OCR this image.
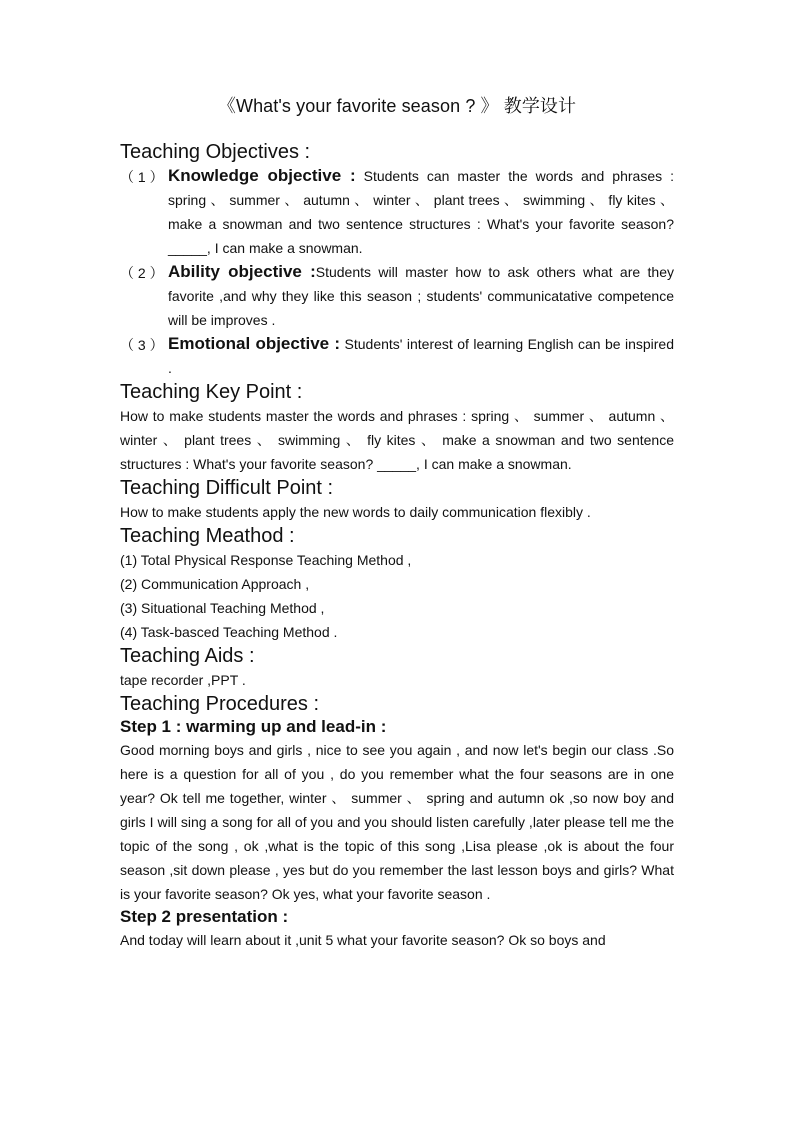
《What's your favorite season ? 》 教学设计
Teaching Objectives :
（ 1 ） Knowledge objective : Students can master the words and phrases : spring 、 summer 、 autumn 、 winter 、 plant trees 、 swimming 、 fly kites 、 make a snowman and two sentence structures : What's your favorite season? _____, I can make a snowman.
（ 2 ） Ability objective :Students will master how to ask others what are they favorite ,and why they like this season ; students' communicatative competence will be improves .
（ 3 ） Emotional objective : Students' interest of learning English can be inspired .
Teaching Key Point :
How to make students master the words and phrases : spring 、 summer 、 autumn 、 winter 、 plant trees 、 swimming 、 fly kites 、 make a snowman and two sentence structures : What's your favorite season? _____, I can make a snowman.
Teaching Difficult Point :
How to make students apply the new words to daily communication flexibly .
Teaching Meathod :
(1) Total Physical Response Teaching Method ,
(2) Communication Approach ,
(3) Situational Teaching Method ,
(4) Task-basced Teaching Method .
Teaching Aids :
tape recorder ,PPT .
Teaching Procedures :
Step 1 : warming up and lead-in :
Good morning boys and girls , nice to see you again , and now let's begin our class .So here is a question for all of you , do you remember what the four seasons are in one year? Ok tell me together, winter 、 summer 、 spring and autumn ok ,so now boy and girls I will sing a song for all of you and you should listen carefully ,later please tell me the topic of the song , ok ,what is the topic of this song ,Lisa please ,ok is about the four season ,sit down please , yes but do you remember the last lesson boys and girls? What is your favorite season? Ok yes, what your favorite season .
Step 2 presentation :
And today will learn about it ,unit 5 what your favorite season? Ok so boys and
